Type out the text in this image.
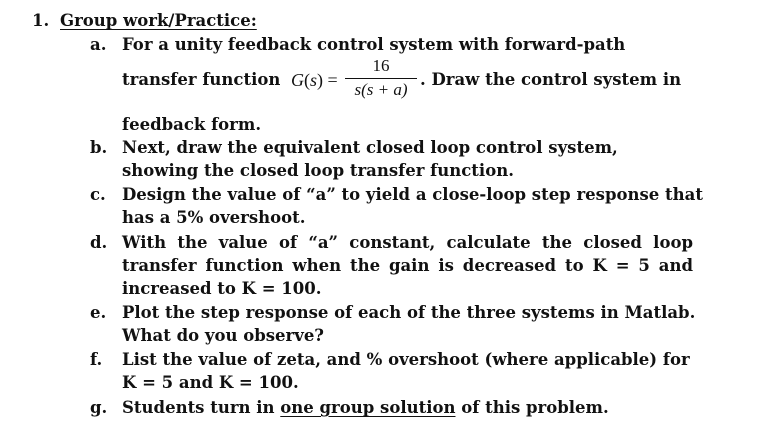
1. Group work/Practice:
a. For a unity feedback control system with forward-path
transfer function G(s) =
16
s(s + a)
. Draw the control system in
feedback form.
b. Next, draw the equivalent closed loop control system,
showing the closed loop transfer function.
c. Design the value of “a” to yield a close-loop step response that
has a 5% overshoot.
d. With the value of “a” constant, calculate the closed loop
transfer function when the gain is decreased to K = 5 and
increased to K = 100.
e. Plot the step response of each of the three systems in Matlab.
What do you observe?
f. List the value of zeta, and % overshoot (where applicable) for
K = 5 and K = 100.
g. Students turn in one group solution of this problem.
